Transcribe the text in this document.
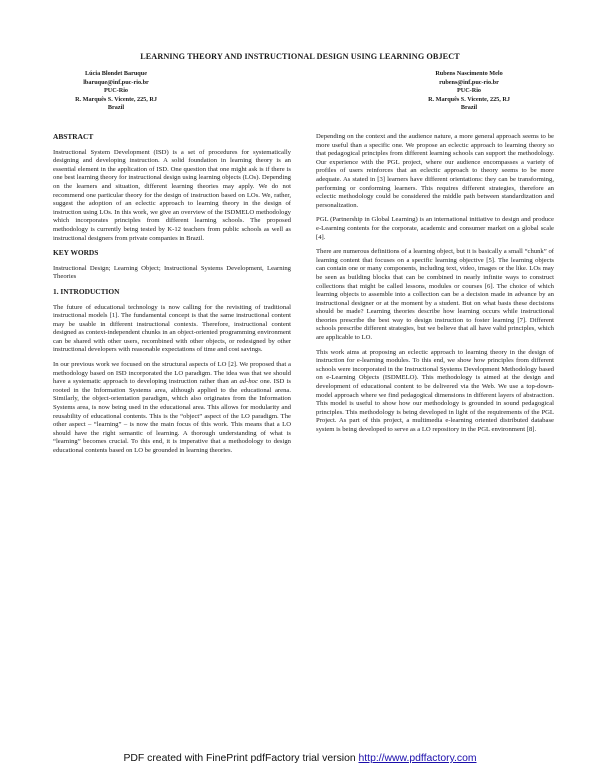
LEARNING THEORY AND INSTRUCTIONAL DESIGN USING LEARNING OBJECT
Lúcia Blondet Baruque
lbaruque@inf.puc-rio.br
PUC-Rio
R. Marquês S. Vicente, 225, RJ
Brazil
Rubens Nascimento Melo
rubens@inf.puc-rio.br
PUC-Rio
R. Marquês S. Vicente, 225, RJ
Brazil
ABSTRACT

Instructional System Development (ISD) is a set of procedures for systematically designing and developing instruction. A solid foundation in learning theory is an essential element in the application of ISD. One question that one might ask is if there is one best learning theory for instructional design using learning objects (LOs). Depending on the learners and situation, different learning theories may apply. We do not recommend one particular theory for the design of instruction based on LOs. We, rather, suggest the adoption of an eclectic approach to learning theory in the design of instruction using LOs. In this work, we give an overview of the ISDMELO methodology which incorporates principles from different learning schools. The proposed methodology is currently being tested by K-12 teachers from public schools as well as instructional designers from private companies in Brazil.

KEY WORDS

Instructional Design; Learning Object; Instructional Systems Development, Learning Theories

1. INTRODUCTION

The future of educational technology is now calling for the revisiting of traditional instructional models [1]. The fundamental concept is that the same instructional content may be usable in different instructional contexts. Therefore, instructional content designed as context-independent chunks in an object-oriented programming environment can be shared with other users, recombined with other objects, or redesigned by other instructional developers with reasonable expectations of time and cost savings.

In our previous work we focused on the structural aspects of LO [2]. We proposed that a methodology based on ISD incorporated the LO paradigm. The idea was that we should have a systematic approach to developing instruction rather than an ad-hoc one. ISD is rooted in the Information Systems area, although applied to the educational arena. Similarly, the object-orientation paradigm, which also originates from the Information Systems area, is now being used in the educational area. This allows for modularity and reusability of educational contents. This is the “object” aspect of the LO paradigm. The other aspect – “learning” – is now the main focus of this work. This means that a LO should have the right semantic of learning. A thorough understanding of what is “learning” becomes crucial. To this end, it is imperative that a methodology to design educational contents based on LO be grounded in learning theories.

Depending on the context and the audience nature, a more general approach seems to be more useful than a specific one. We propose an eclectic approach to learning theory so that pedagogical principles from different learning schools can support the methodology. Our experience with the PGL project, where our audience encompasses a variety of profiles of users reinforces that an eclectic approach to theory seems to be more adequate. As stated in [3] learners have different orientations: they can be transforming, performing or conforming learners. This requires different strategies, therefore an eclectic methodology could be considered the middle path between standardization and personalization.

PGL (Partnership in Global Learning) is an international initiative to design and produce e-Learning contents for the corporate, academic and consumer market on a global scale [4].

There are numerous definitions of a learning object, but it is basically a small “chunk” of learning content that focuses on a specific learning objective [5]. The learning objects can contain one or many components, including text, video, images or the like. LOs may be seen as building blocks that can be combined in nearly infinite ways to construct collections that might be called lessons, modules or courses [6]. The choice of which learning objects to assemble into a collection can be a decision made in advance by an instructional designer or at the moment by a student. But on what basis these decisions should be made? Learning theories describe how learning occurs while instructional theories prescribe the best way to design instruction to foster learning [7]. Different schools prescribe different strategies, but we believe that all have valid principles, which are applicable to LO.

This work aims at proposing an eclectic approach to learning theory in the design of instruction for e-learning modules. To this end, we show how principles from different schools were incorporated in the Instructional Systems Development Methodology based on e-Learning Objects (ISDMELO). This methodology is aimed at the design and development of educational content to be delivered via the Web. We use a top-down-model approach where we find pedagogical dimensions in different layers of abstraction. This model is useful to show how our methodology is grounded in sound pedagogical principles. This methodology is being developed in light of the requirements of the PGL Project. As part of this project, a multimedia e-learning oriented distributed database system is being developed to serve as a LO repository in the PGL environment [8].

PDF created with FinePrint pdfFactory trial version http://www.pdffactory.com
